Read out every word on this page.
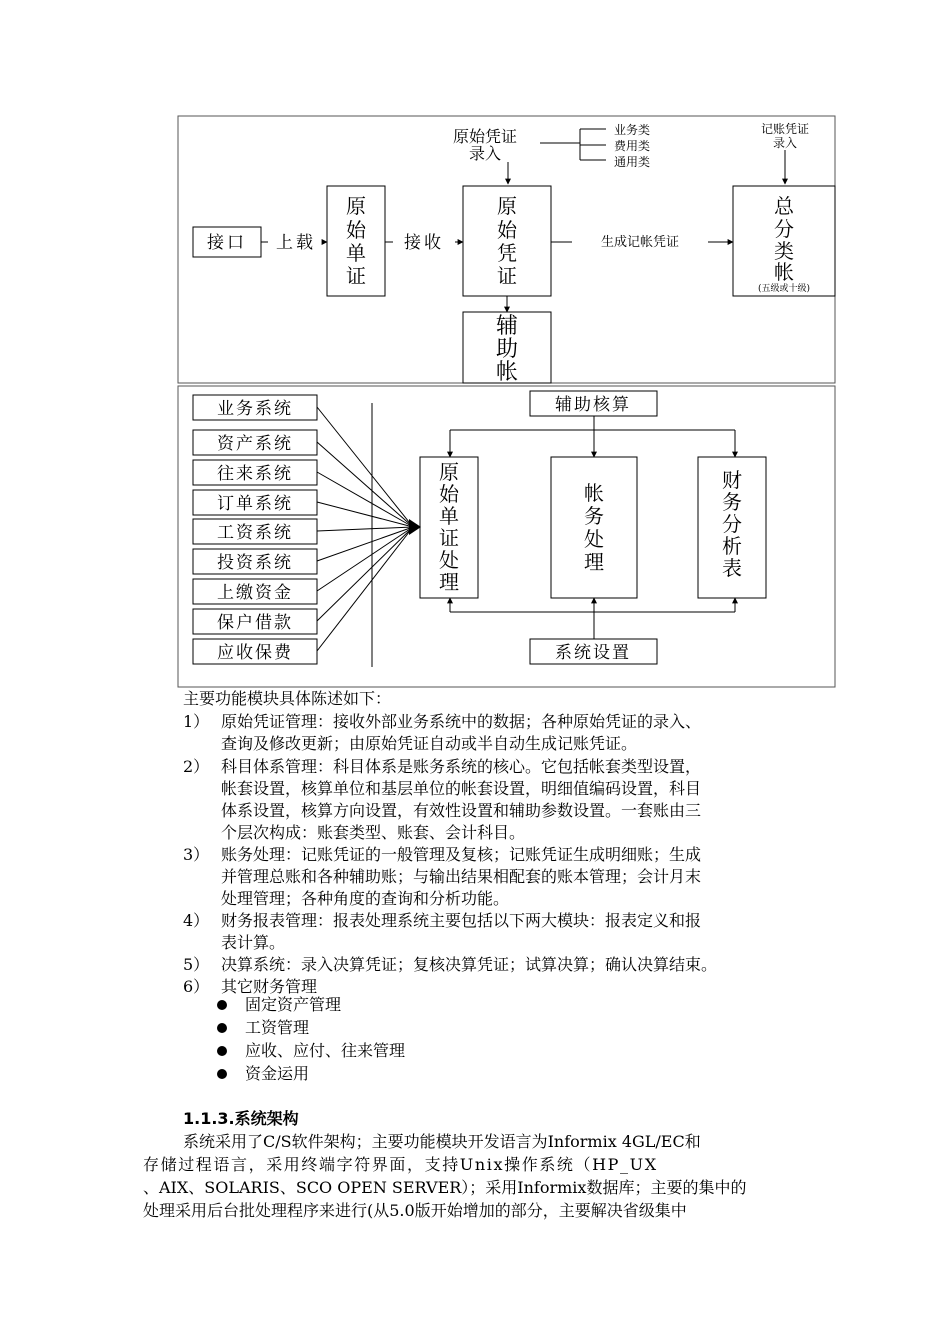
原始凭证
录入
业务类
费用类
通用类
记账凭证
录入
接口 上载
原
始
单
证
接收
原
始
凭
证
生成记帐凭证
总
分
类
帐
(五级或十级)
辅
助
帐
业务系统
资产系统
往来系统
订单系统
工资系统
投资系统
上缴资金
保户借款
应收保费
辅助核算
原
始
单
证
处
理
帐
务
处
理
财
务
分
析
表
系统设置
主要功能模块具体陈述如下：
1） 原始凭证管理：接收外部业务系统中的数据；各种原始凭证的录入、
查询及修改更新；由原始凭证自动或半自动生成记账凭证。
2） 科目体系管理：科目体系是账务系统的核心。它包括帐套类型设置，
帐套设置，核算单位和基层单位的帐套设置，明细值编码设置，科目
体系设置，核算方向设置，有效性设置和辅助参数设置。一套账由三
个层次构成：账套类型、账套、会计科目。
3） 账务处理：记账凭证的一般管理及复核；记账凭证生成明细账；生成
并管理总账和各种辅助账；与输出结果相配套的账本管理；会计月末
处理管理；各种角度的查询和分析功能。
4） 财务报表管理：报表处理系统主要包括以下两大模块：报表定义和报
表计算。
5） 决算系统：录入决算凭证；复核决算凭证；试算决算；确认决算结束。
6） 其它财务管理
固定资产管理
工资管理
应收、应付、往来管理
资金运用
1.1.3.系统架构
系统采用了C/S软件架构；主要功能模块开发语言为Informix 4GL/EC和
存储过程语言，采用终端字符界面，支持Unix操作系统（HP_UX
、AIX、SOLARIS、SCO OPEN SERVER）；采用Informix数据库；主要的集中的
处理采用后台批处理程序来进行(从5.0版开始增加的部分，主要解决省级集中
